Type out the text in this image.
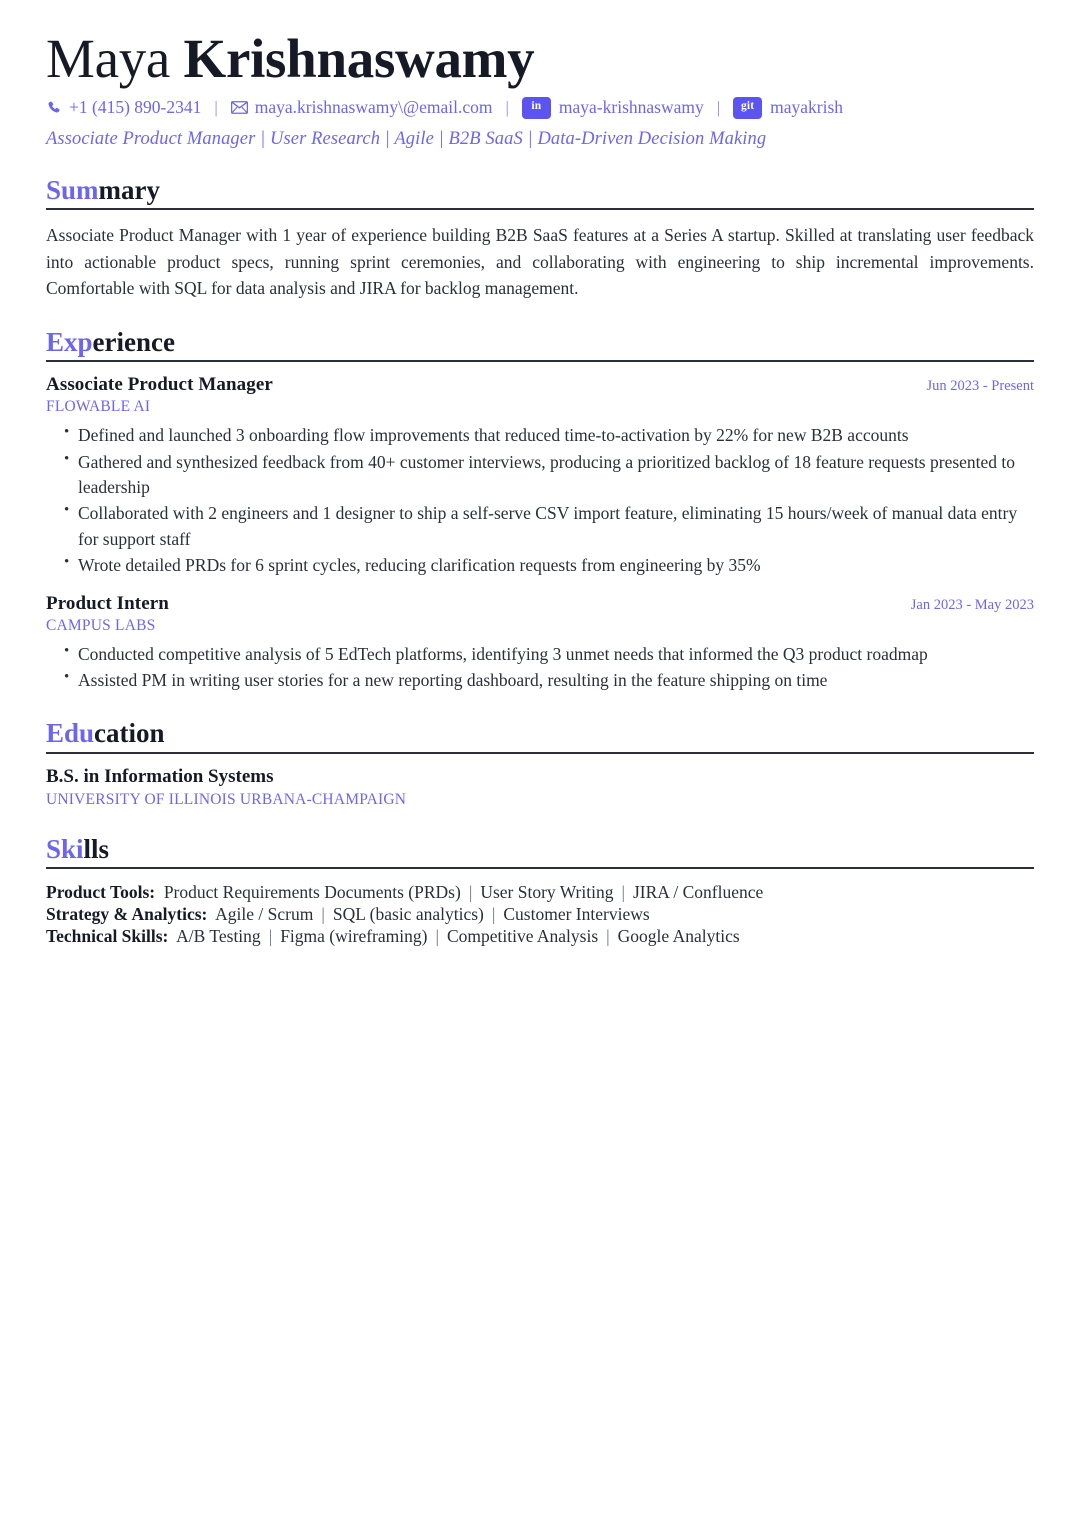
Maya Krishnaswamy
+1 (415) 890-2341 |	maya.krishnaswamy\@email.com |	in	maya-krishnaswamy |	git mayakrish
Associate Product Manager | User Research | Agile | B2B SaaS | Data-Driven Decision Making
Summary

Associate Product Manager with 1 year of experience building B2B SaaS features at a Series A startup. Skilled at translating user feedback into actionable product specs, running sprint ceremonies, and collaborating with engineering to ship incremental improvements. Comfortable with SQL for data analysis and JIRA for backlog management.

Experience
Associate Product Manager	Jun 2023 - Present
FLOWABLE AI
• Defined and launched 3 onboarding flow improvements that reduced time-to-activation by 22% for new B2B accounts
• Gathered and synthesized feedback from 40+ customer interviews, producing a prioritized backlog of 18 feature requests presented to leadership
• Collaborated with 2 engineers and 1 designer to ship a self-serve CSV import feature, eliminating 15 hours/week of manual data entry for support staff
• Wrote detailed PRDs for 6 sprint cycles, reducing clarification requests from engineering by 35%
Product Intern	Jan 2023 - May 2023
CAMPUS LABS
• Conducted competitive analysis of 5 EdTech platforms, identifying 3 unmet needs that informed the Q3 product roadmap
• Assisted PM in writing user stories for a new reporting dashboard, resulting in the feature shipping on time
Education
B.S. in Information Systems
UNIVERSITY OF ILLINOIS URBANA-CHAMPAIGN
Skills
Product Tools: Product Requirements Documents (PRDs) | User Story Writing | JIRA / Confluence
Strategy & Analytics: Agile / Scrum | SQL (basic analytics) | Customer Interviews
Technical Skills: A/B Testing | Figma (wireframing) | Competitive Analysis | Google Analytics
